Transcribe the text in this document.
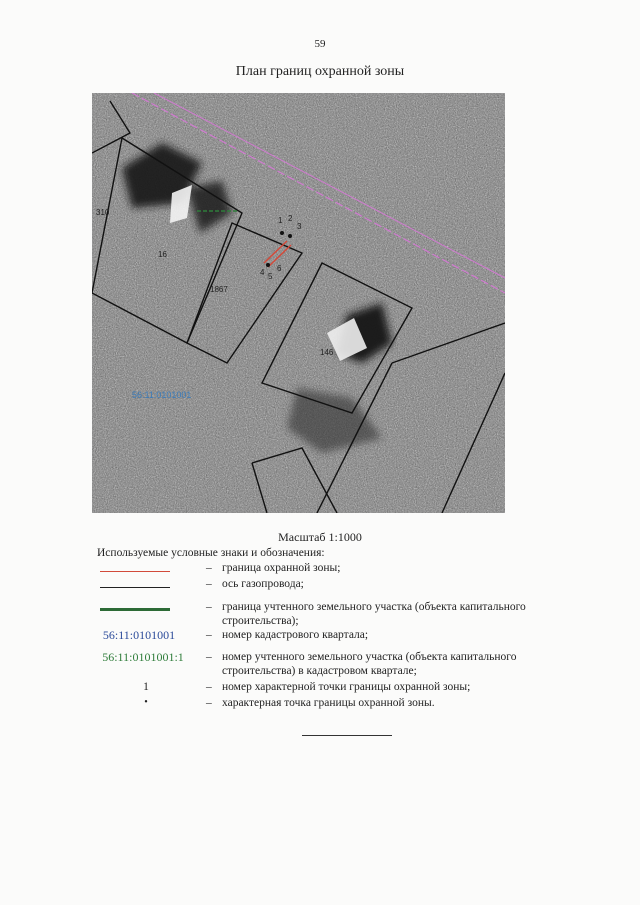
59
План границ охранной зоны
310
16
1867
146
1 2
3
4 5
6
56:11:0101001
Масштаб 1:1000
Используемые условные знаки и обозначения:
– граница охранной зоны;
– ось газопровода;
– граница учтенного земельного участка (объекта капитального строительства);
56:11:0101001	– номер кадастрового квартала;
56:11:0101001:1	– номер учтенного земельного участка (объекта капитального строительства) в кадастровом квартале;
1	– номер характерной точки границы охранной зоны;
•	– характерная точка границы охранной зоны.
